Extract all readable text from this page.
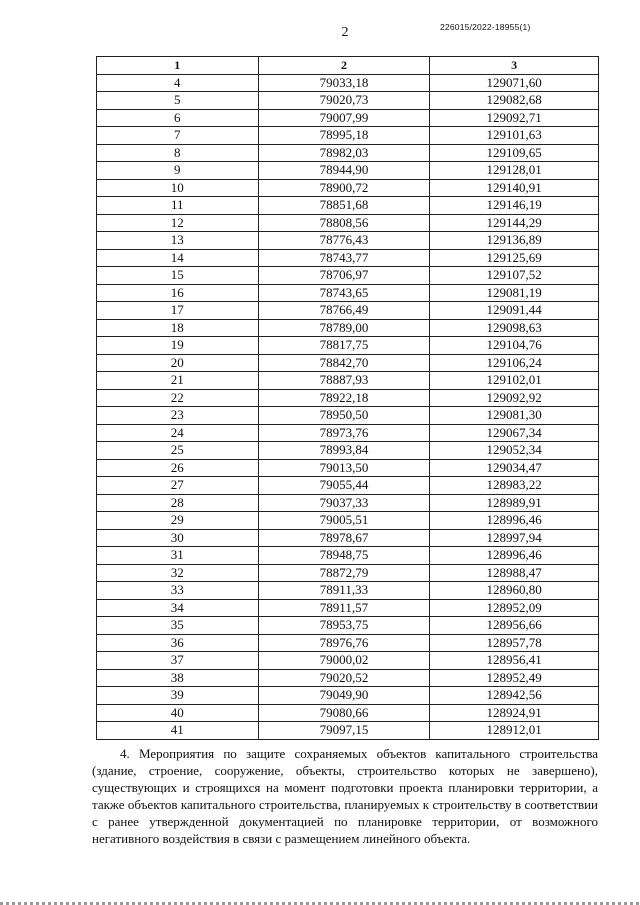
2	226015/2022-18955(1)
1	2	3
4	79033,18	129071,60
5	79020,73	129082,68
6	79007,99	129092,71
7	78995,18	129101,63
8	78982,03	129109,65
9	78944,90	129128,01
10	78900,72	129140,91
11	78851,68	129146,19
12	78808,56	129144,29
13	78776,43	129136,89
14	78743,77	129125,69
15	78706,97	129107,52
16	78743,65	129081,19
17	78766,49	129091,44
18	78789,00	129098,63
19	78817,75	129104,76
20	78842,70	129106,24
21	78887,93	129102,01
22	78922,18	129092,92
23	78950,50	129081,30
24	78973,76	129067,34
25	78993,84	129052,34
26	79013,50	129034,47
27	79055,44	128983,22
28	79037,33	128989,91
29	79005,51	128996,46
30	78978,67	128997,94
31	78948,75	128996,46
32	78872,79	128988,47
33	78911,33	128960,80
34	78911,57	128952,09
35	78953,75	128956,66
36	78976,76	128957,78
37	79000,02	128956,41
38	79020,52	128952,49
39	79049,90	128942,56
40	79080,66	128924,91
41	79097,15	128912,01
4. Мероприятия по защите сохраняемых объектов капитального строительства (здание, строение, сооружение, объекты, строительство которых не завершено), существующих и строящихся на момент подготовки проекта планировки территории, а также объектов капитального строительства, планируемых к строительству в соответствии с ранее утвержденной документацией по планировке территории, от возможного негативного воздействия в связи с размещением линейного объекта.
